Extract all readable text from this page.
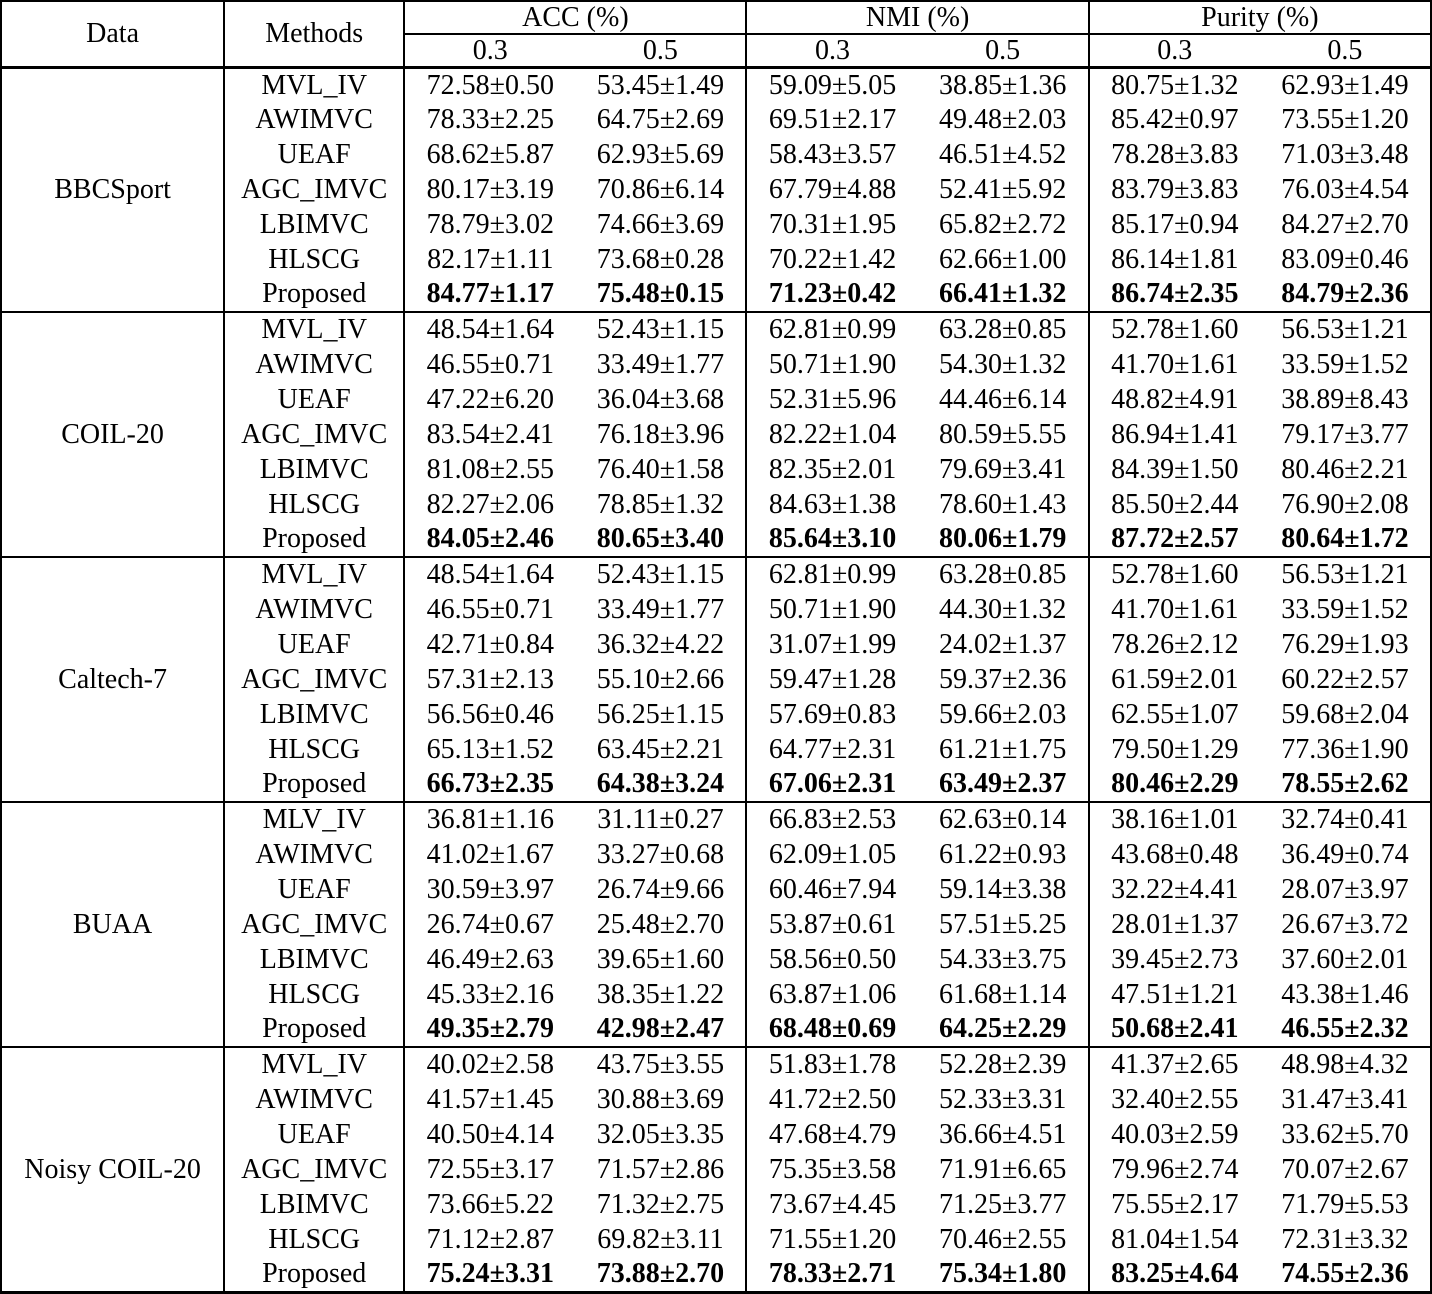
Data	Methods	ACC (%)		NMI (%)		Purity (%)	
		0.3	0.5	0.3	0.5	0.3	0.5
BBCSport	MVL_IV	72.58±0.50	53.45±1.49	59.09±5.05	38.85±1.36	80.75±1.32	62.93±1.49
	AWIMVC	78.33±2.25	64.75±2.69	69.51±2.17	49.48±2.03	85.42±0.97	73.55±1.20
	UEAF	68.62±5.87	62.93±5.69	58.43±3.57	46.51±4.52	78.28±3.83	71.03±3.48
	AGC_IMVC	80.17±3.19	70.86±6.14	67.79±4.88	52.41±5.92	83.79±3.83	76.03±4.54
	LBIMVC	78.79±3.02	74.66±3.69	70.31±1.95	65.82±2.72	85.17±0.94	84.27±2.70
	HLSCG	82.17±1.11	73.68±0.28	70.22±1.42	62.66±1.00	86.14±1.81	83.09±0.46
	Proposed	84.77±1.17	75.48±0.15	71.23±0.42	66.41±1.32	86.74±2.35	84.79±2.36
COIL-20	MVL_IV	48.54±1.64	52.43±1.15	62.81±0.99	63.28±0.85	52.78±1.60	56.53±1.21
	AWIMVC	46.55±0.71	33.49±1.77	50.71±1.90	54.30±1.32	41.70±1.61	33.59±1.52
	UEAF	47.22±6.20	36.04±3.68	52.31±5.96	44.46±6.14	48.82±4.91	38.89±8.43
	AGC_IMVC	83.54±2.41	76.18±3.96	82.22±1.04	80.59±5.55	86.94±1.41	79.17±3.77
	LBIMVC	81.08±2.55	76.40±1.58	82.35±2.01	79.69±3.41	84.39±1.50	80.46±2.21
	HLSCG	82.27±2.06	78.85±1.32	84.63±1.38	78.60±1.43	85.50±2.44	76.90±2.08
	Proposed	84.05±2.46	80.65±3.40	85.64±3.10	80.06±1.79	87.72±2.57	80.64±1.72
Caltech-7	MVL_IV	48.54±1.64	52.43±1.15	62.81±0.99	63.28±0.85	52.78±1.60	56.53±1.21
	AWIMVC	46.55±0.71	33.49±1.77	50.71±1.90	44.30±1.32	41.70±1.61	33.59±1.52
	UEAF	42.71±0.84	36.32±4.22	31.07±1.99	24.02±1.37	78.26±2.12	76.29±1.93
	AGC_IMVC	57.31±2.13	55.10±2.66	59.47±1.28	59.37±2.36	61.59±2.01	60.22±2.57
	LBIMVC	56.56±0.46	56.25±1.15	57.69±0.83	59.66±2.03	62.55±1.07	59.68±2.04
	HLSCG	65.13±1.52	63.45±2.21	64.77±2.31	61.21±1.75	79.50±1.29	77.36±1.90
	Proposed	66.73±2.35	64.38±3.24	67.06±2.31	63.49±2.37	80.46±2.29	78.55±2.62
BUAA	MLV_IV	36.81±1.16	31.11±0.27	66.83±2.53	62.63±0.14	38.16±1.01	32.74±0.41
	AWIMVC	41.02±1.67	33.27±0.68	62.09±1.05	61.22±0.93	43.68±0.48	36.49±0.74
	UEAF	30.59±3.97	26.74±9.66	60.46±7.94	59.14±3.38	32.22±4.41	28.07±3.97
	AGC_IMVC	26.74±0.67	25.48±2.70	53.87±0.61	57.51±5.25	28.01±1.37	26.67±3.72
	LBIMVC	46.49±2.63	39.65±1.60	58.56±0.50	54.33±3.75	39.45±2.73	37.60±2.01
	HLSCG	45.33±2.16	38.35±1.22	63.87±1.06	61.68±1.14	47.51±1.21	43.38±1.46
	Proposed	49.35±2.79	42.98±2.47	68.48±0.69	64.25±2.29	50.68±2.41	46.55±2.32
Noisy COIL-20	MVL_IV	40.02±2.58	43.75±3.55	51.83±1.78	52.28±2.39	41.37±2.65	48.98±4.32
	AWIMVC	41.57±1.45	30.88±3.69	41.72±2.50	52.33±3.31	32.40±2.55	31.47±3.41
	UEAF	40.50±4.14	32.05±3.35	47.68±4.79	36.66±4.51	40.03±2.59	33.62±5.70
	AGC_IMVC	72.55±3.17	71.57±2.86	75.35±3.58	71.91±6.65	79.96±2.74	70.07±2.67
	LBIMVC	73.66±5.22	71.32±2.75	73.67±4.45	71.25±3.77	75.55±2.17	71.79±5.53
	HLSCG	71.12±2.87	69.82±3.11	71.55±1.20	70.46±2.55	81.04±1.54	72.31±3.32
	Proposed	75.24±3.31	73.88±2.70	78.33±2.71	75.34±1.80	83.25±4.64	74.55±2.36
